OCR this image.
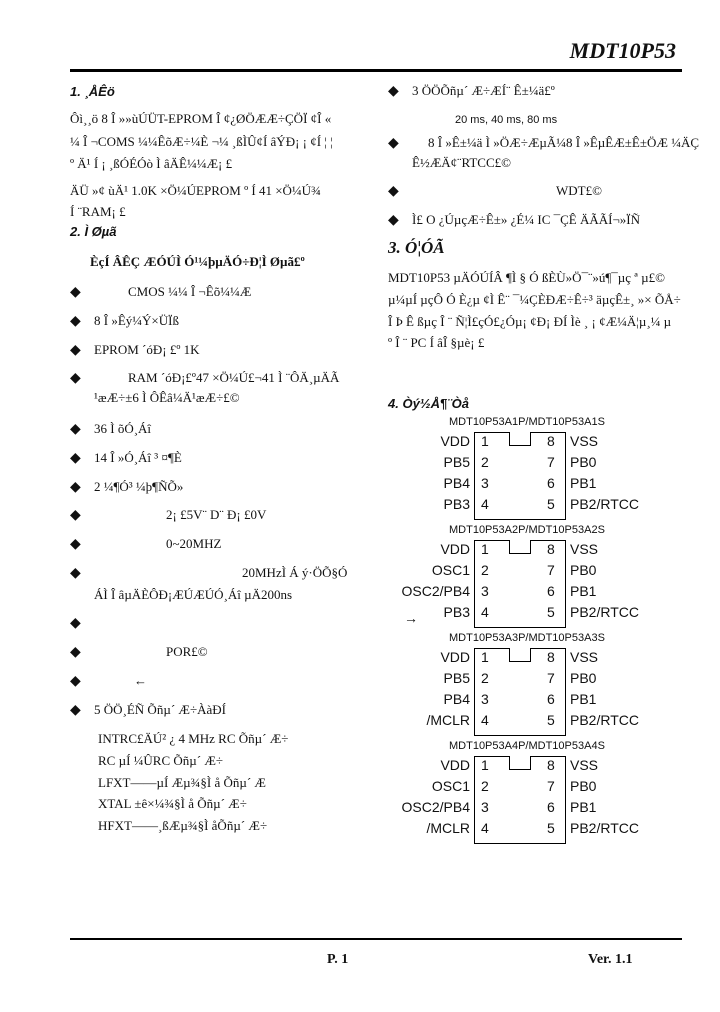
MDT10P53
1. ¸ÅÊö
Ôì¸¸ö 8 Î »»ùÚÜT-EPROM Î ¢¿ØÖÆÆ÷ÇÖÏ ¢Î «
¼ Î ¬COMS ¼¼ÊõÆ÷¼È ¬¼ ¸ßÌÛ¢Í âÝÐ¡ ¡ ¢Í ¦ ¦
º Ä¹ Í ¡ ¸ßÓÉÓò Ì âÄÊ¼¼Æ¡ £
ÄÜ »¢ ùÄ¹ 1.0K ×Ö¼ÚEPROM º Í 41 ×Ö¼Ú¾
Í ¨RAM¡ £
2. Ì Øµã
ÈçÍ ÂÊÇ ÆÓÚÌ Ó¹¼þµÄÓ÷Ð¦Ì Øµã£º
◆	CMOS ¼¼ Î ¬Êõ¼¼Æ
◆ 8 Î »Êý¼Ý×ÜÏß
◆ EPROM ´óÐ¡ £º 1K
◆	RAM ´óÐ¡£º47 ×Ö¼Ú£¬41 Ì ¨ÔÄ¸µÄÃ
¹æÆ÷±6 Ì ÔÊâ¼Ä¹æÆ÷£©
◆ 36 Ì õÓ¸Áî
◆ 14 Î »Ó¸Áî ³ ¤¶È
◆ 2 ¼¶Ó³ ¼þ¶ÑÕ»
◆	2¡ £5V¨ D¨ Ð¡ £0V
◆	0~20MHZ
◆	20MHzÌ Á ý·ÖÕ§Ó
ÁÌ Î âµÄÈÔÐ¡ÆÚÆÚÓ¸Áî µÄ200ns
◆
◆	POR£©
◆	←
◆ 5 ÖÖ¸ÉÑ Õñµ´ Æ÷ÀàÐÍ
INTRC£ÄÚ² ¿ 4 MHz RC Õñµ´ Æ÷
RC µÍ ¼ÛRC Õñµ´ Æ÷
LFXT——µÍ Æµ¾§Ì å Õñµ´ Æ
XTAL ±ê×¼¾§Ì å Õñµ´ Æ÷
HFXT——¸ßÆµ¾§Ì åÕñµ´ Æ÷
◆ 3 ÖÖÕñµ´ Æ÷ÆÍ¨ Ê±¼ä£º
20 ms, 40 ms, 80 ms
◆ 8 Î »Ê±¼ä Ì »ÖÆ÷ÆµÃ¼8 Î »ÊµÊÆ±Ê±ÖÆ ¼ÄÇ
Ê½ÆÄ¢¨RTCC£©
◆	WDT£©
◆ Ì£ O ¿ÚµçÆ÷Ê±» ¿É¼ IC ¯ÇÊ ÄÃÃÍ¬»ÏÑ
3. Ó¦ÓÃ
MDT10P53 µÄÓÚÍÂ ¶Ì § Ó ßÈÙ»Ö¯¨»ú¶¯µç ª µ£©
µ¼µÍ µçÔ Ó È¿µ ¢Ì Ê¨ ¯¼ÇÈÐÆ÷Ê÷³ äµçÊ±¸ »× ÕÅ÷
Î Þ Ê ßµç Î ¨ Ñ¦Ì£çÓ£¿Óµ¡ ¢Ð¡ ÐÍ Ìè ¸ ¡ ¢Æ¼Ä¦µ¸¼ µ
º Î ¨ PC Í âÎ §µè¡ £
4. Òý½Å¶¨Òå
MDT10P53A1P/MDT10P53A1S
VDD 1	8 VSS
PB5 2	7 PB0
PB4 3	6 PB1
PB3 4	5 PB2/RTCC
MDT10P53A2P/MDT10P53A2S
VDD 1	8 VSS
OSC1 2	7 PB0
OSC2/PB4 3	6 PB1
PB3 4	5 PB2/RTCC
MDT10P53A3P/MDT10P53A3S
VDD 1	8 VSS
PB5 2	7 PB0
PB4 3	6 PB1
/MCLR 4	5 PB2/RTCC
MDT10P53A4P/MDT10P53A4S
VDD 1	8 VSS
OSC1 2	7 PB0
OSC2/PB4 3	6 PB1
/MCLR 4	5 PB2/RTCC
→
P. 1	Ver. 1.1
